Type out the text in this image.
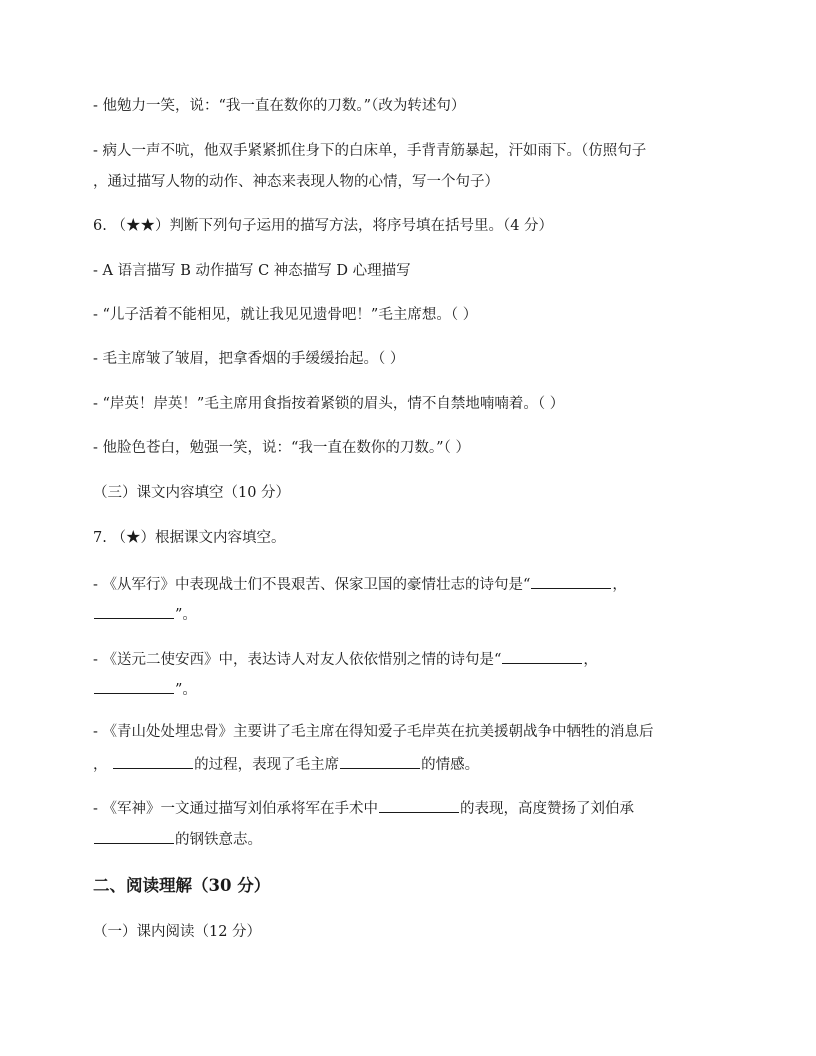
- 他勉力一笑，说：“我一直在数你的刀数。”（改为转述句）
- 病人一声不吭，他双手紧紧抓住身下的白床单，手背青筋暴起，汗如雨下。（仿照句子
，通过描写人物的动作、神态来表现人物的心情，写一个句子）
6. （★★）判断下列句子运用的描写方法，将序号填在括号里。（4 分）
- A 语言描写 B 动作描写 C 神态描写 D 心理描写
- “儿子活着不能相见，就让我见见遗骨吧！”毛主席想。（ ）
- 毛主席皱了皱眉，把拿香烟的手缓缓抬起。（ ）
- “岸英！岸英！”毛主席用食指按着紧锁的眉头，情不自禁地喃喃着。（ ）
- 他脸色苍白，勉强一笑，说：“我一直在数你的刀数。”（ ）
（三）课文内容填空（10 分）
7. （★）根据课文内容填空。
- 《从军行》中表现战士们不畏艰苦、保家卫国的豪情壮志的诗句是“	，
”。
- 《送元二使安西》中，表达诗人对友人依依惜别之情的诗句是“	，
”。
- 《青山处处埋忠骨》主要讲了毛主席在得知爱子毛岸英在抗美援朝战争中牺牲的消息后
，	的过程，表现了毛主席	的情感。
- 《军神》一文通过描写刘伯承将军在手术中	的表现，高度赞扬了刘伯承
的钢铁意志。
二、阅读理解（30 分）
（一）课内阅读（12 分）
